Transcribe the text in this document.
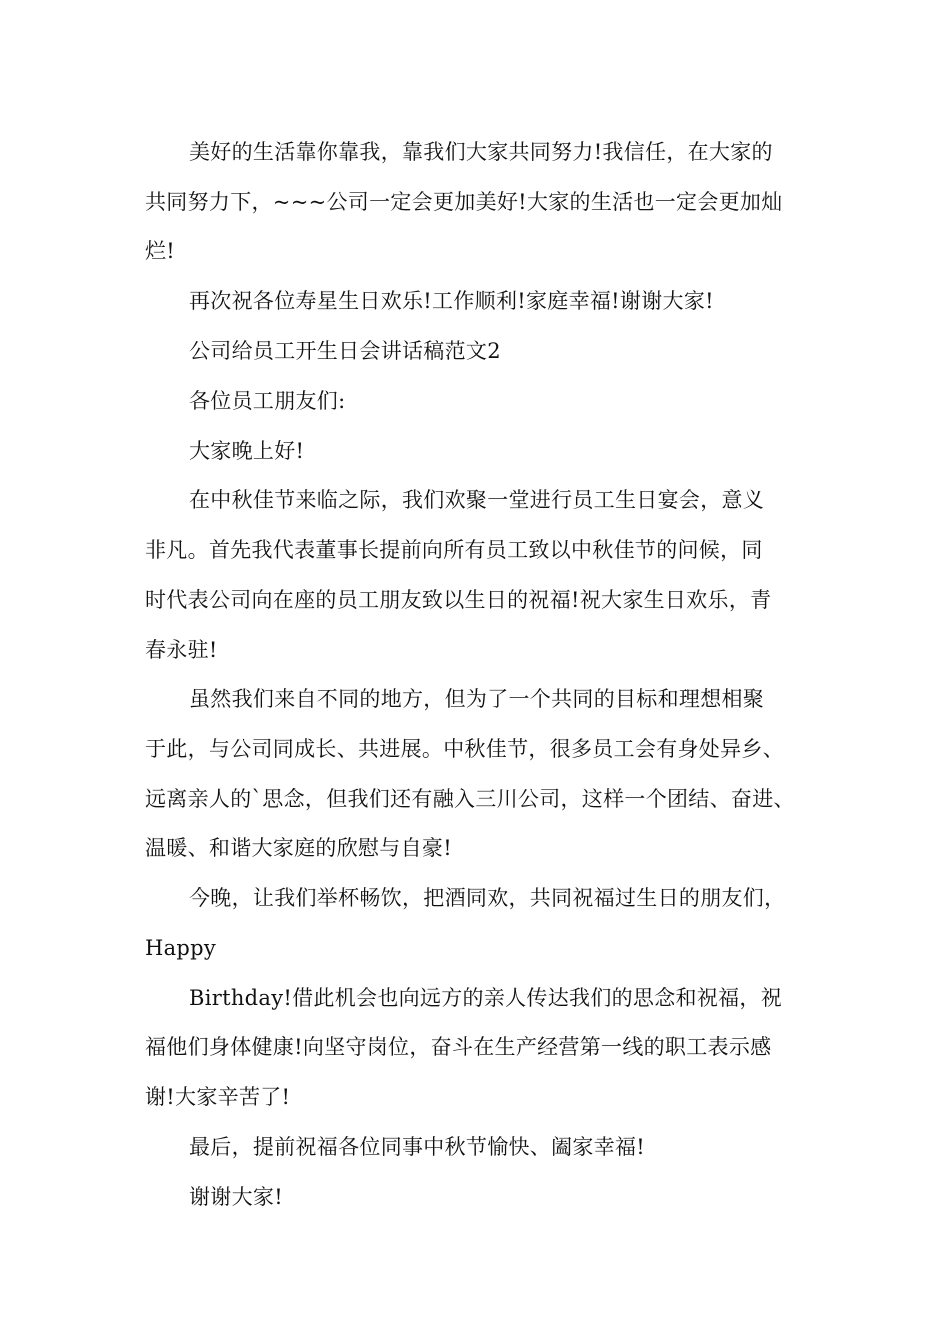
美好的生活靠你靠我，靠我们大家共同努力!我信任，在大家的
共同努力下，~~~公司一定会更加美好!大家的生活也一定会更加灿
烂!
再次祝各位寿星生日欢乐!工作顺利!家庭幸福!谢谢大家!
公司给员工开生日会讲话稿范文2
各位员工朋友们:
大家晚上好!
在中秋佳节来临之际，我们欢聚一堂进行员工生日宴会，意义
非凡。首先我代表董事长提前向所有员工致以中秋佳节的问候，同
时代表公司向在座的员工朋友致以生日的祝福!祝大家生日欢乐，青
春永驻!
虽然我们来自不同的地方，但为了一个共同的目标和理想相聚
于此，与公司同成长、共进展。中秋佳节，很多员工会有身处异乡、
远离亲人的`思念，但我们还有融入三川公司，这样一个团结、奋进、
温暖、和谐大家庭的欣慰与自豪!
今晚，让我们举杯畅饮，把酒同欢，共同祝福过生日的朋友们，
Happy
Birthday!借此机会也向远方的亲人传达我们的思念和祝福，祝
福他们身体健康!向坚守岗位，奋斗在生产经营第一线的职工表示感
谢!大家辛苦了!
最后，提前祝福各位同事中秋节愉快、阖家幸福!
谢谢大家!
